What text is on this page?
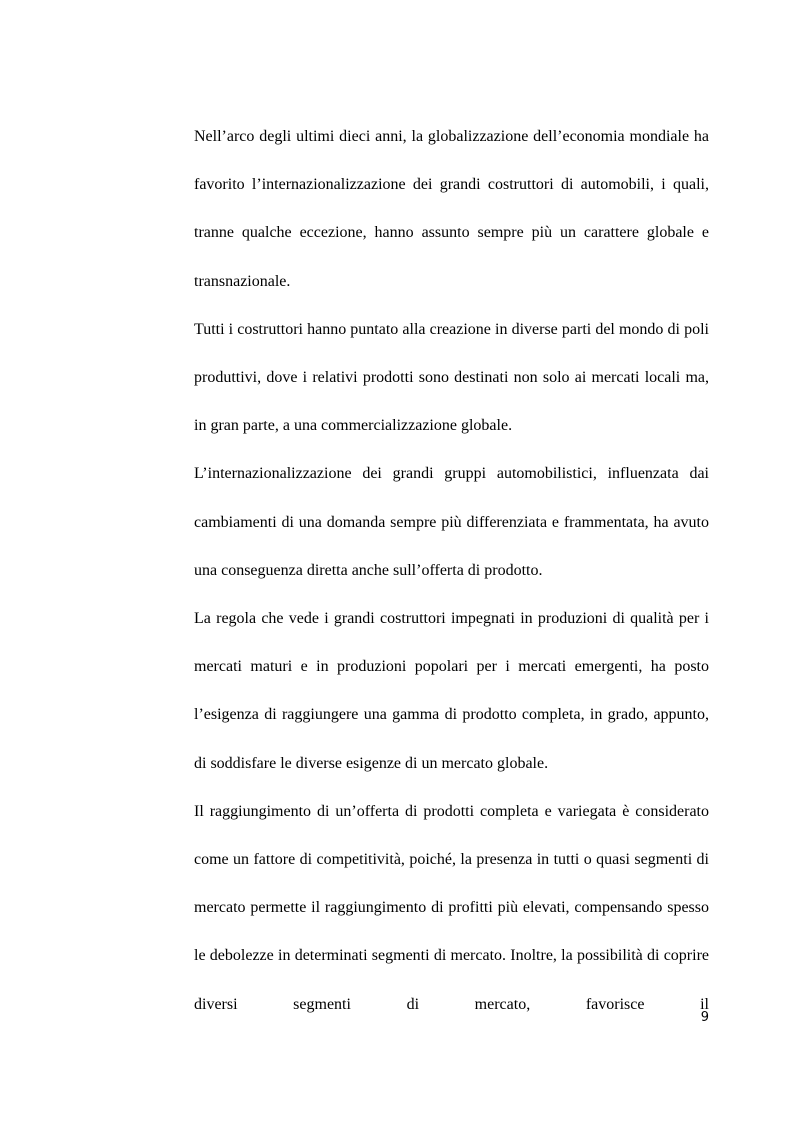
Nell’arco degli ultimi dieci anni, la globalizzazione dell’economia mondiale ha favorito l’internazionalizzazione dei grandi costruttori di automobili, i quali, tranne qualche eccezione, hanno assunto sempre più un carattere globale e transnazionale.

Tutti i costruttori hanno puntato alla creazione in diverse parti del mondo di poli produttivi, dove i relativi prodotti sono destinati non solo ai mercati locali ma, in gran parte, a una commercializzazione globale.

L’internazionalizzazione dei grandi gruppi automobilistici, influenzata dai cambiamenti di una domanda sempre più differenziata e frammentata, ha avuto una conseguenza diretta anche sull’offerta di prodotto.

La regola che vede i grandi costruttori impegnati in produzioni di qualità per i mercati maturi e in produzioni popolari per i mercati emergenti, ha posto l’esigenza di raggiungere una gamma di prodotto completa, in grado, appunto, di soddisfare le diverse esigenze di un mercato globale.

Il raggiungimento di un’offerta di prodotti completa e variegata è considerato come un fattore di competitività, poiché, la presenza in tutti o quasi segmenti di mercato permette il raggiungimento di profitti più elevati, compensando spesso le debolezze in determinati segmenti di mercato. Inoltre, la possibilità di coprire diversi segmenti di mercato, favorisce il

9
